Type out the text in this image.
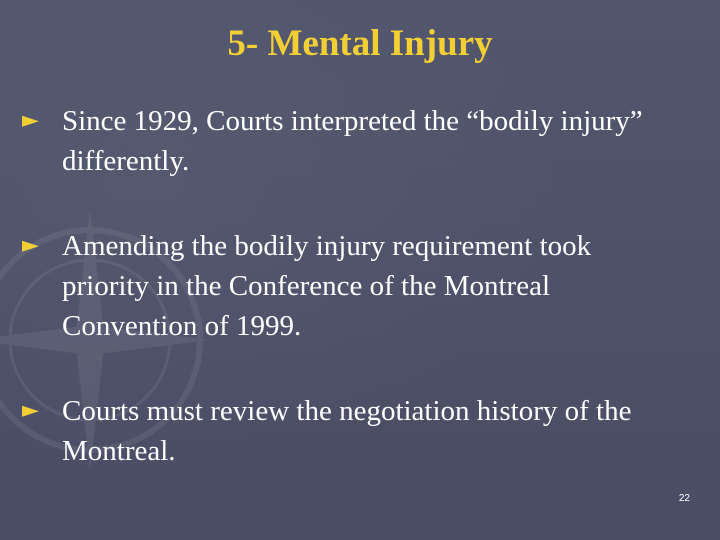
5- Mental Injury
► Since 1929, Courts interpreted the “bodily injury” differently.
► Amending the bodily injury requirement took priority in the Conference of the Montreal Convention of 1999.
► Courts must review the negotiation history of the Montreal.
22
